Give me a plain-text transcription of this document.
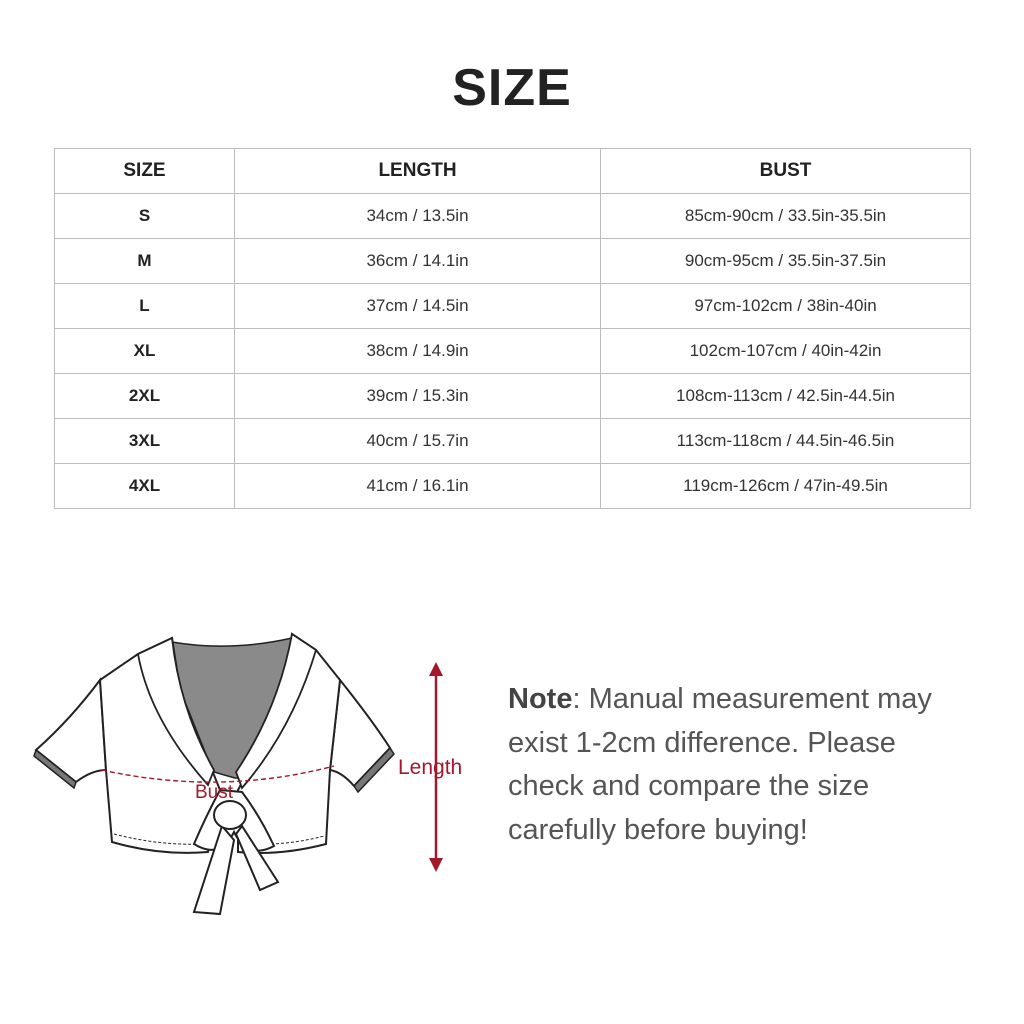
SIZE
SIZE	LENGTH	BUST
S	34cm / 13.5in	85cm-90cm / 33.5in-35.5in
M	36cm / 14.1in	90cm-95cm / 35.5in-37.5in
L	37cm / 14.5in	97cm-102cm / 38in-40in
XL	38cm / 14.9in	102cm-107cm / 40in-42in
2XL	39cm / 15.3in	108cm-113cm / 42.5in-44.5in
3XL	40cm / 15.7in	113cm-118cm / 44.5in-46.5in
4XL	41cm / 16.1in	119cm-126cm / 47in-49.5in
Bust
Length
Note: Manual measurement may exist 1-2cm difference. Please check and compare the size carefully before buying!
